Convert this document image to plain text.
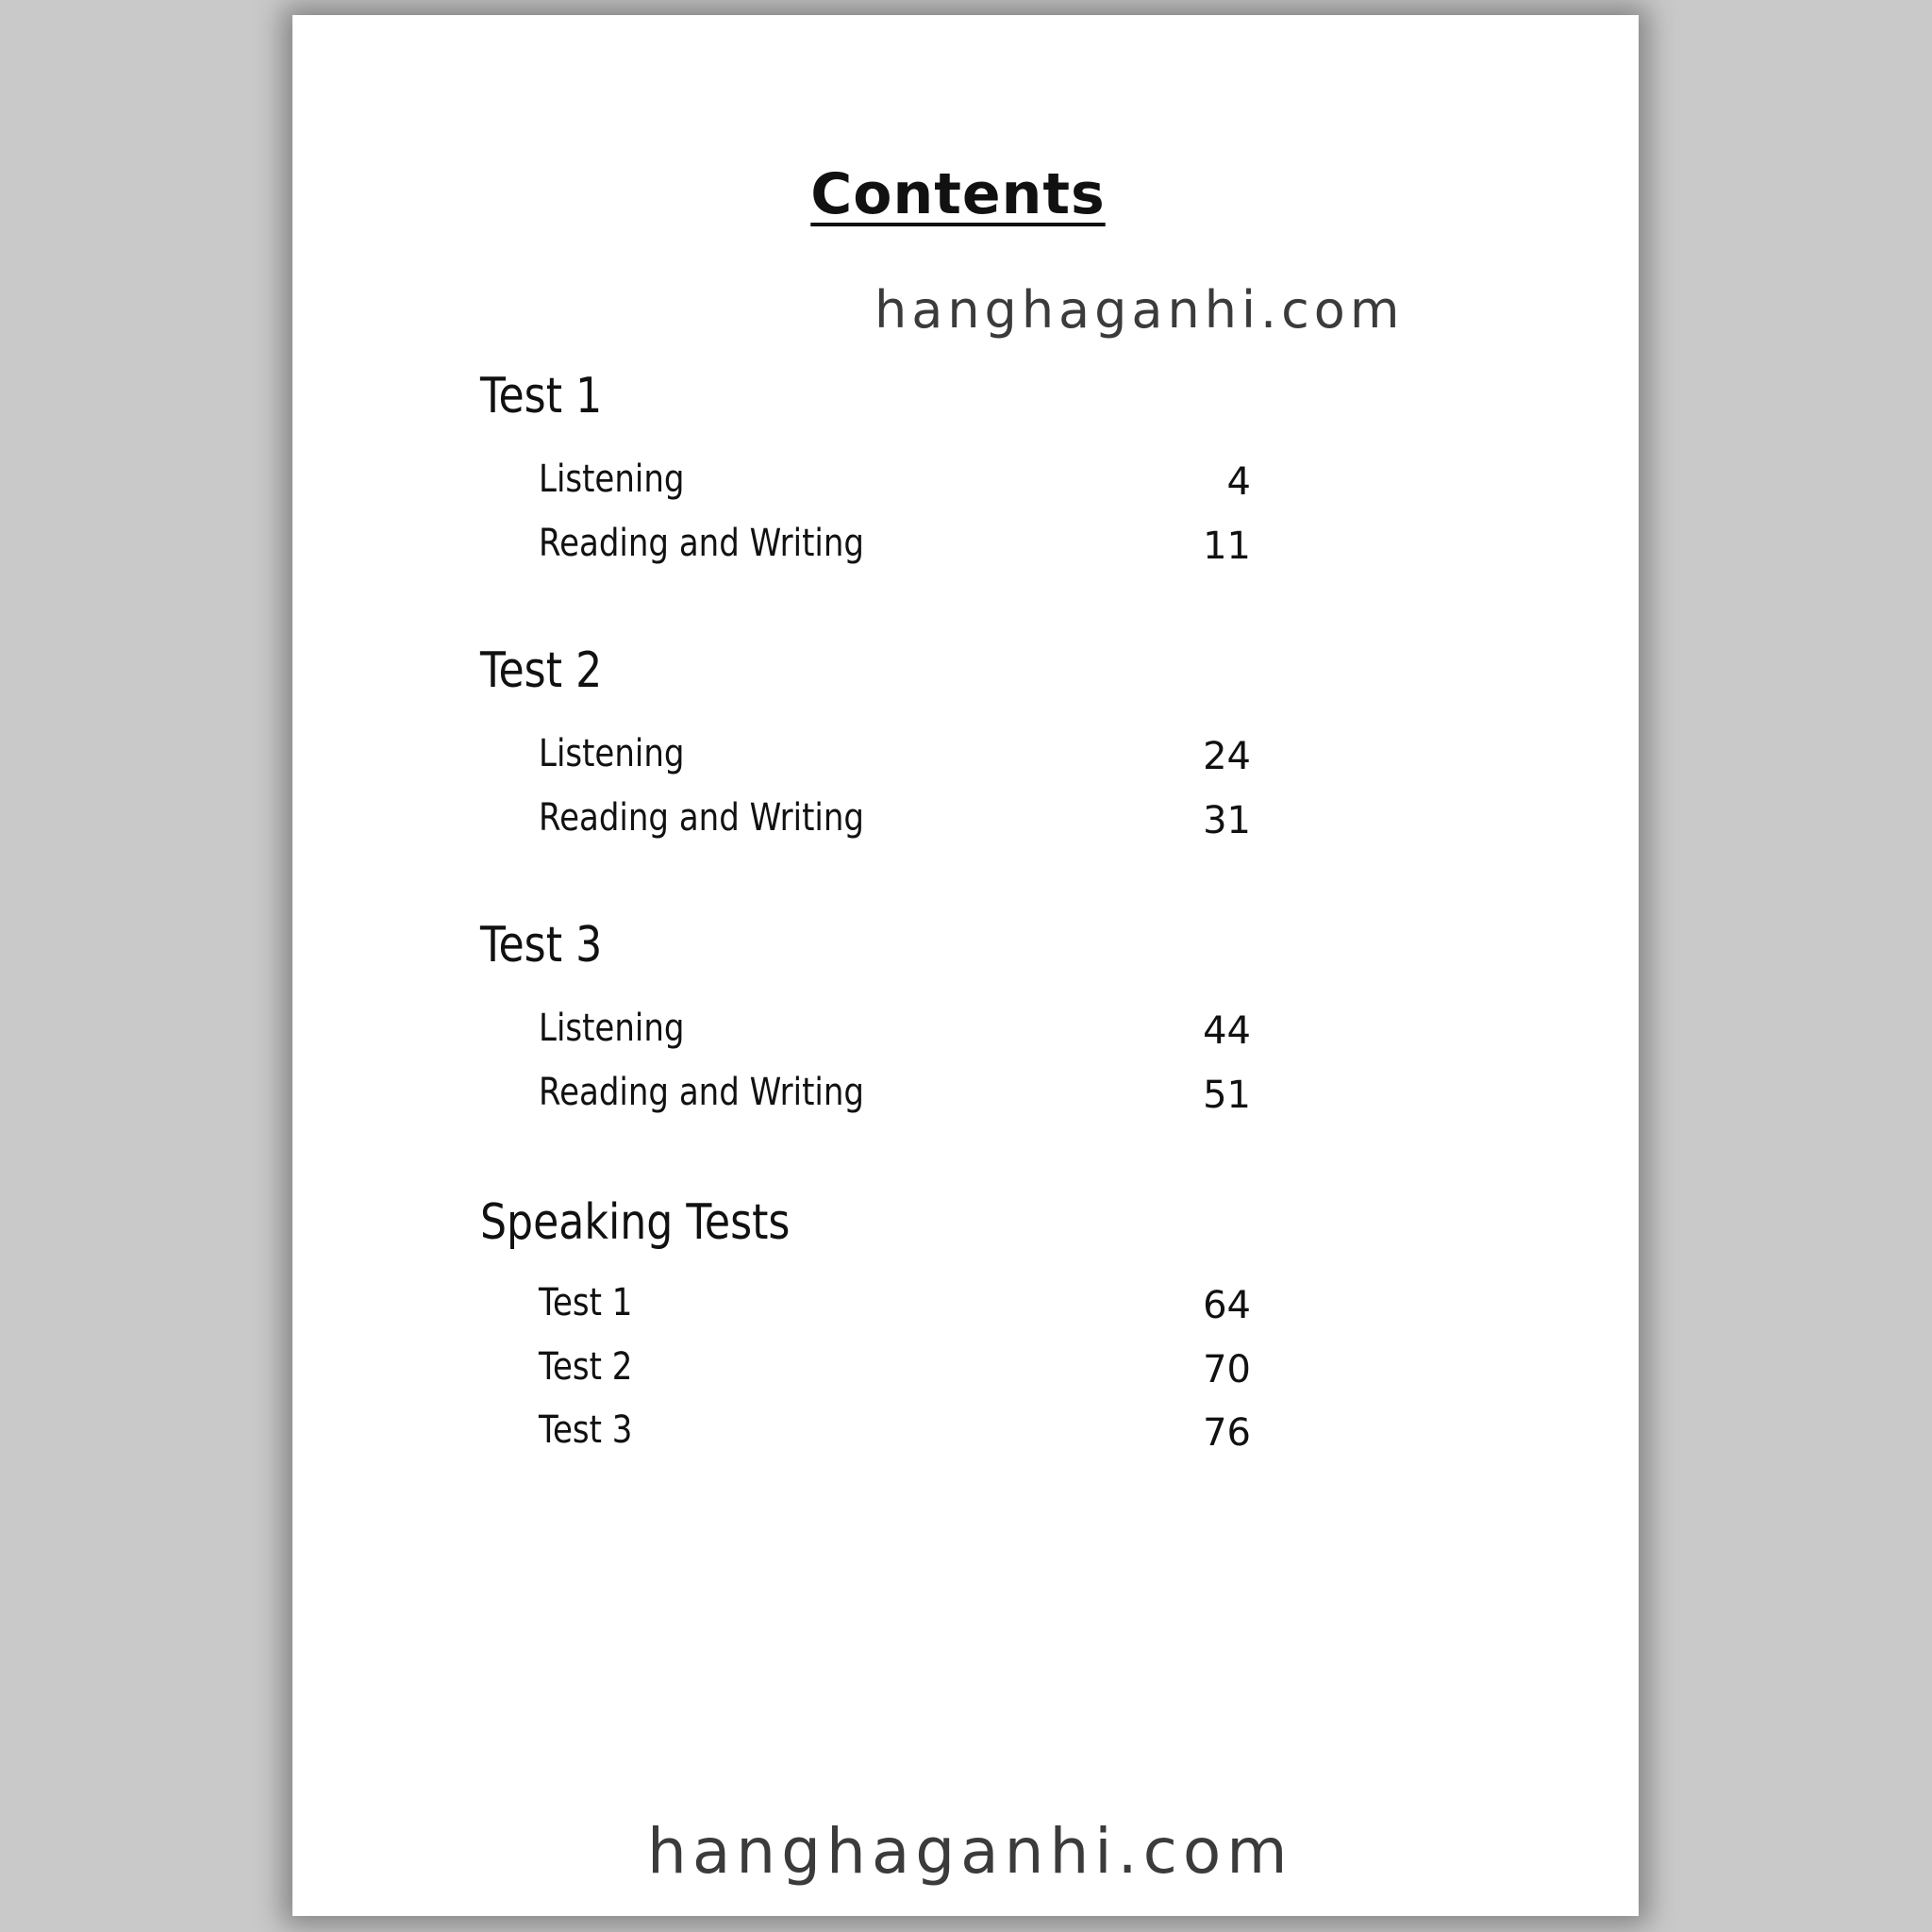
Contents
hanghaganhi.com
Test 1
Listening	4
Reading and Writing	11
Test 2
Listening	24
Reading and Writing	31
Test 3
Listening	44
Reading and Writing	51
Speaking Tests
Test 1	64
Test 2	70
Test 3	76
hanghaganhi.com
